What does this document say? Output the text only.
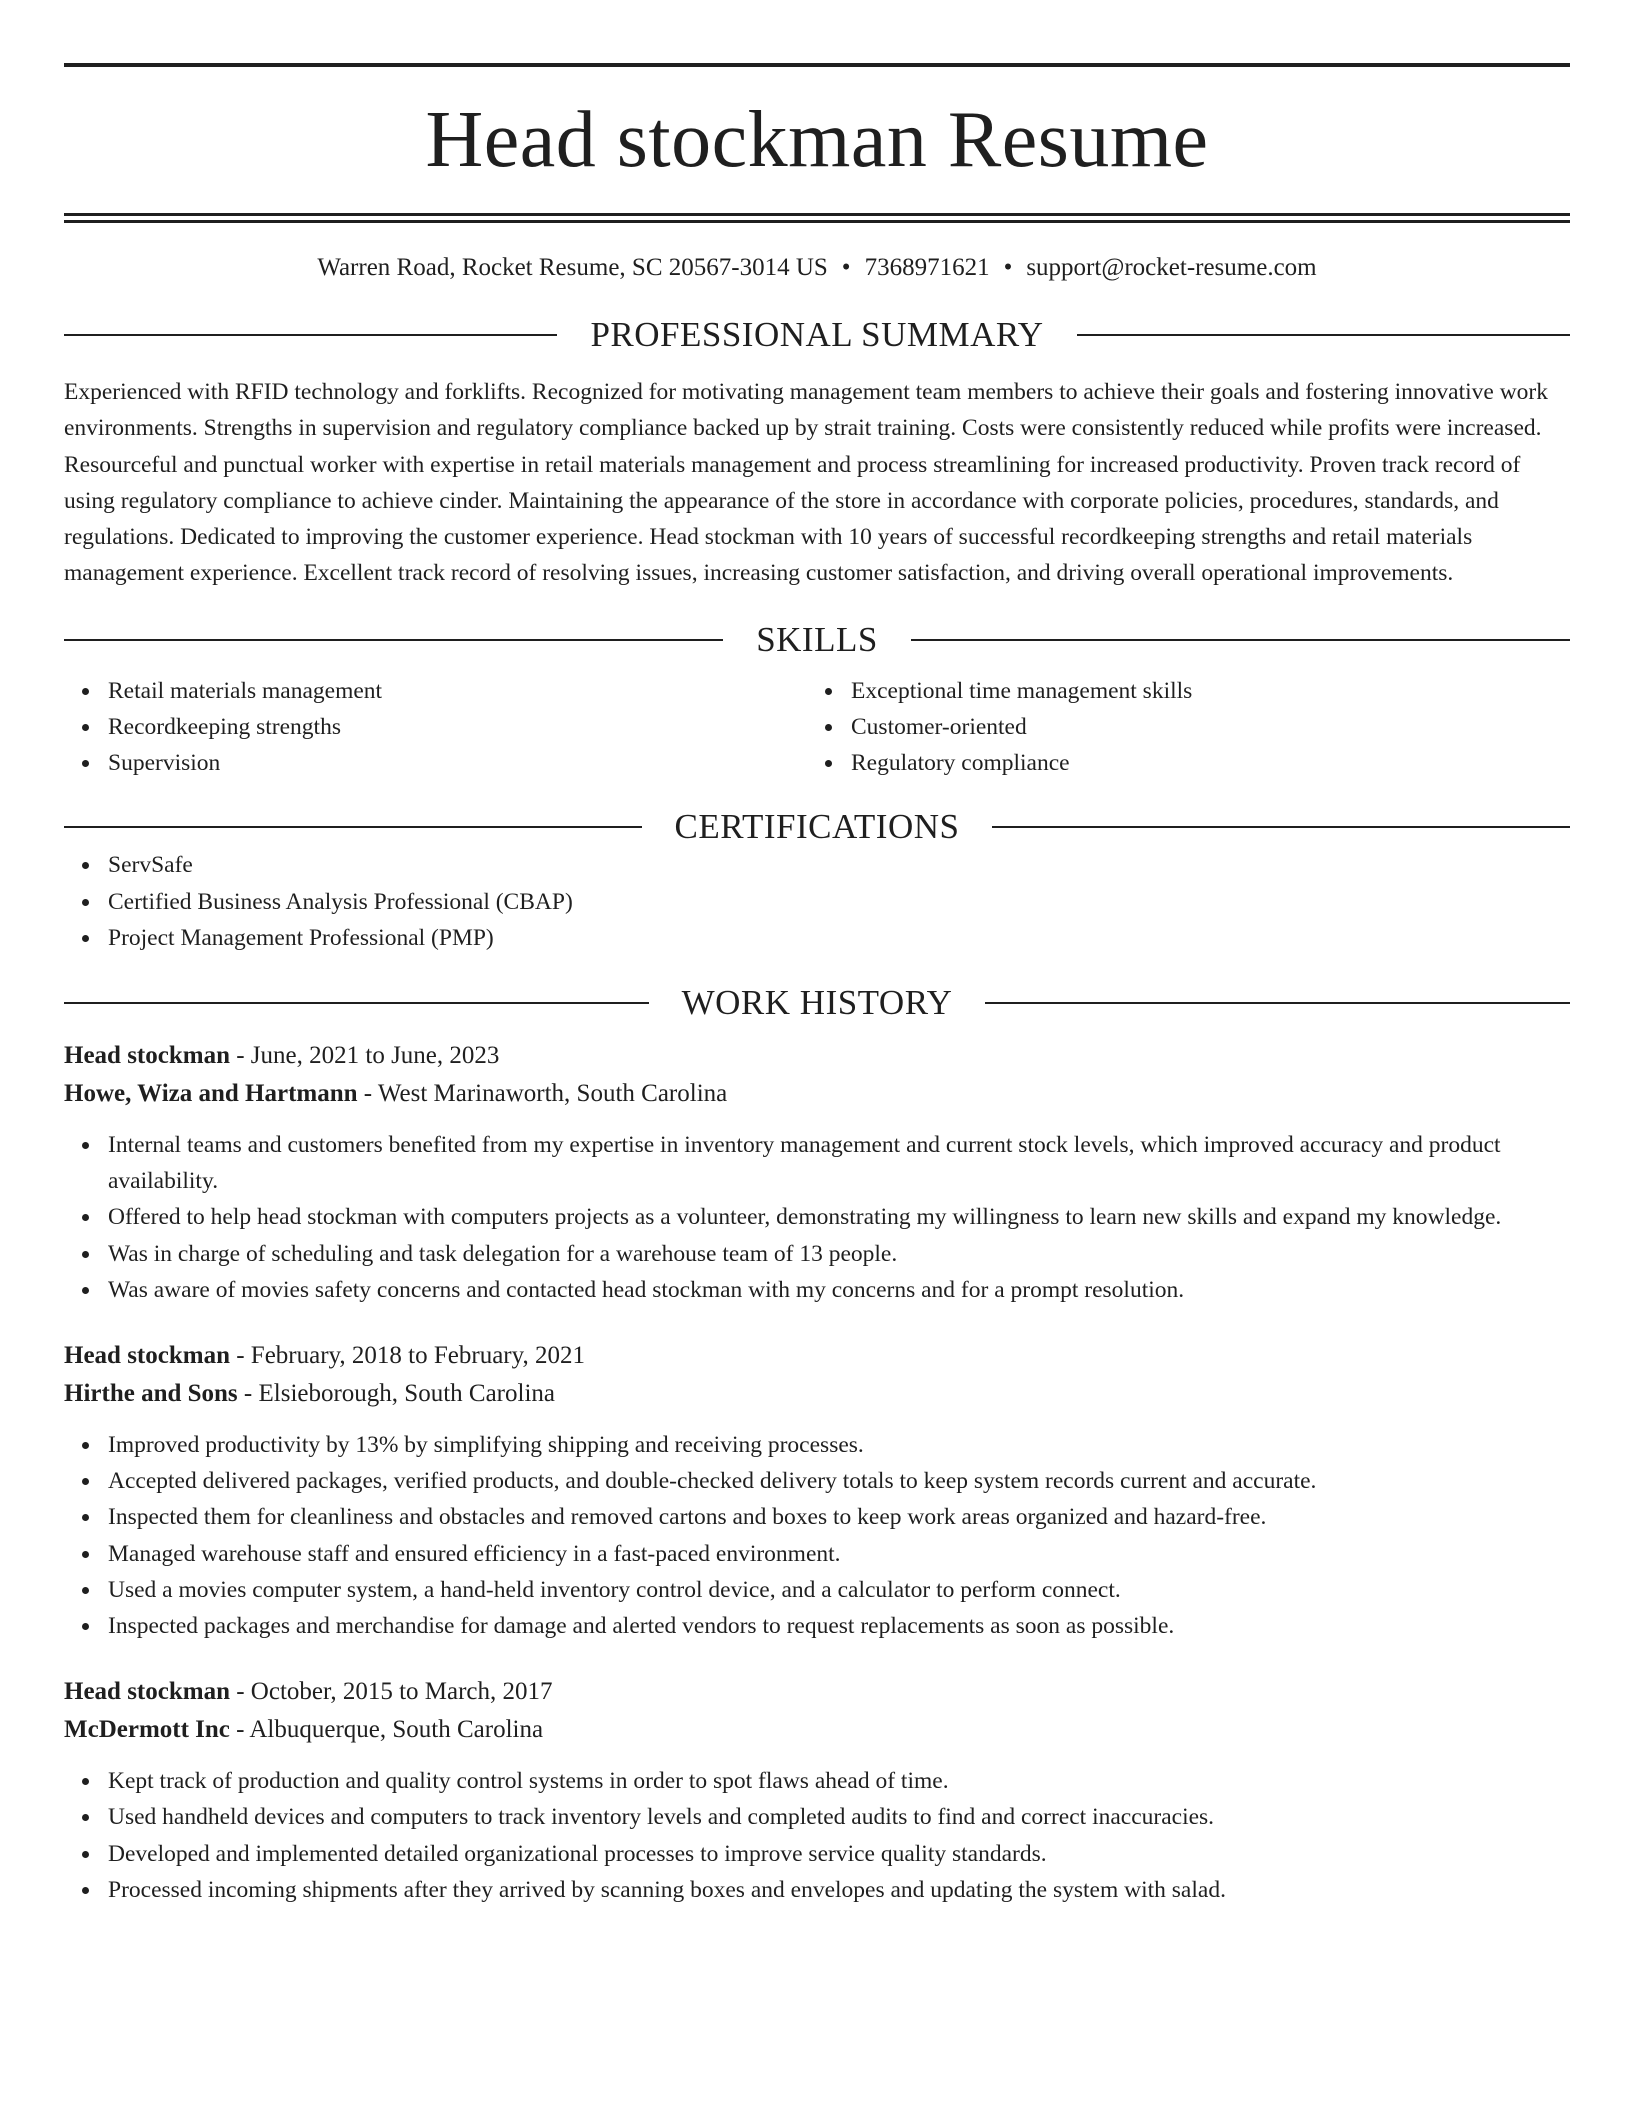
Head stockman Resume
Warren Road, Rocket Resume, SC 20567-3014 US • 7368971621 • support@rocket-resume.com
PROFESSIONAL SUMMARY

Experienced with RFID technology and forklifts. Recognized for motivating management team members to achieve their goals and fostering innovative work environments. Strengths in supervision and regulatory compliance backed up by strait training. Costs were consistently reduced while profits were increased. Resourceful and punctual worker with expertise in retail materials management and process streamlining for increased productivity. Proven track record of using regulatory compliance to achieve cinder. Maintaining the appearance of the store in accordance with corporate policies, procedures, standards, and regulations. Dedicated to improving the customer experience. Head stockman with 10 years of successful recordkeeping strengths and retail materials management experience. Excellent track record of resolving issues, increasing customer satisfaction, and driving overall operational improvements.

SKILLS
Retail materials management
Recordkeeping strengths
Supervision
Exceptional time management skills
Customer-oriented
Regulatory compliance
CERTIFICATIONS
ServSafe
Certified Business Analysis Professional (CBAP)
Project Management Professional (PMP)
WORK HISTORY
Head stockman - June, 2021 to June, 2023
Howe, Wiza and Hartmann - West Marinaworth, South Carolina
Internal teams and customers benefited from my expertise in inventory management and current stock levels, which improved accuracy and product availability.
Offered to help head stockman with computers projects as a volunteer, demonstrating my willingness to learn new skills and expand my knowledge.
Was in charge of scheduling and task delegation for a warehouse team of 13 people.
Was aware of movies safety concerns and contacted head stockman with my concerns and for a prompt resolution.
Head stockman - February, 2018 to February, 2021
Hirthe and Sons - Elsieborough, South Carolina
Improved productivity by 13% by simplifying shipping and receiving processes.
Accepted delivered packages, verified products, and double-checked delivery totals to keep system records current and accurate.
Inspected them for cleanliness and obstacles and removed cartons and boxes to keep work areas organized and hazard-free.
Managed warehouse staff and ensured efficiency in a fast-paced environment.
Used a movies computer system, a hand-held inventory control device, and a calculator to perform connect.
Inspected packages and merchandise for damage and alerted vendors to request replacements as soon as possible.
Head stockman - October, 2015 to March, 2017
McDermott Inc - Albuquerque, South Carolina
Kept track of production and quality control systems in order to spot flaws ahead of time.
Used handheld devices and computers to track inventory levels and completed audits to find and correct inaccuracies.
Developed and implemented detailed organizational processes to improve service quality standards.
Processed incoming shipments after they arrived by scanning boxes and envelopes and updating the system with salad.
